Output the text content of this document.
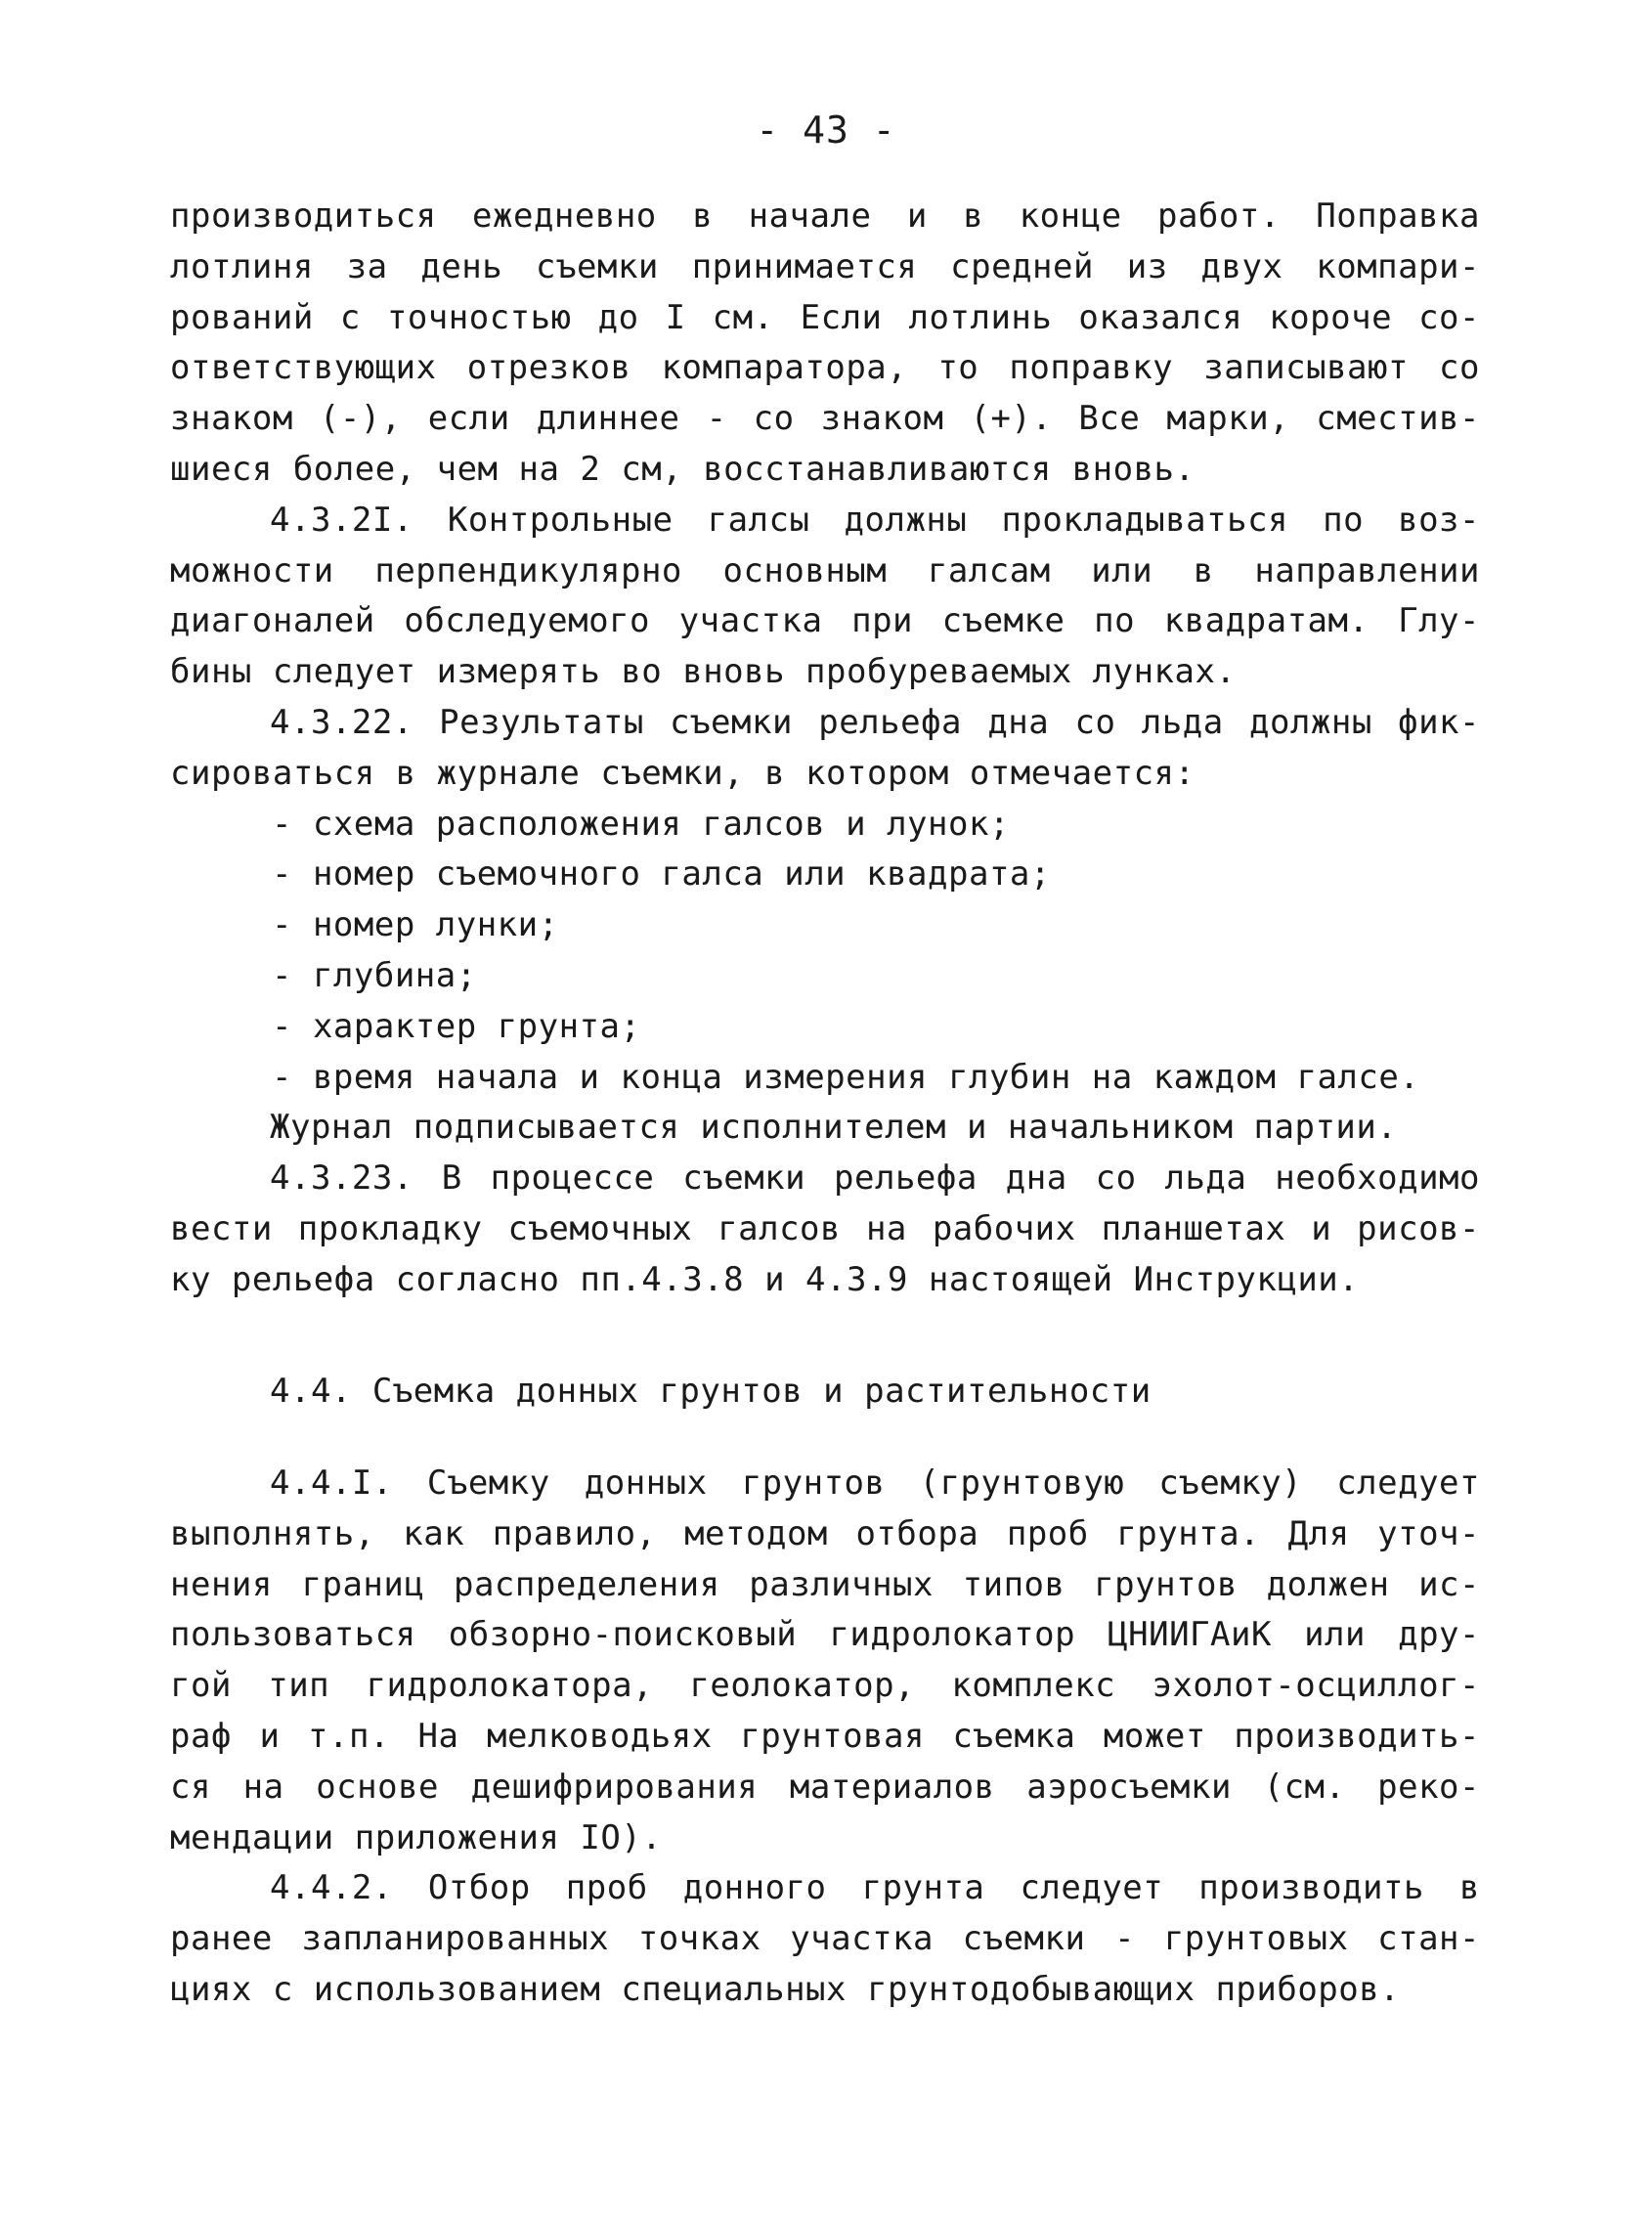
- 43 -
производиться ежедневно в начале и в конце работ. Поправка
лотлиня за день съемки принимается средней из двух компари-
рований с точностью до I см. Если лотлинь оказался короче со-
ответствующих отрезков компаратора, то поправку записывают со
знаком (-), если длиннее - со знаком (+). Все марки, сместив-
шиеся более, чем на 2 см, восстанавливаются вновь.
4.3.2I. Контрольные галсы должны прокладываться по воз-
можности перпендикулярно основным галсам или в направлении
диагоналей обследуемого участка при съемке по квадратам. Глу-
бины следует измерять во вновь пробуреваемых лунках.
4.3.22. Результаты съемки рельефа дна со льда должны фик-
сироваться в журнале съемки, в котором отмечается:
- схема расположения галсов и лунок;
- номер съемочного галса или квадрата;
- номер лунки;
- глубина;
- характер грунта;
- время начала и конца измерения глубин на каждом галсе.
Журнал подписывается исполнителем и начальником партии.
4.3.23. В процессе съемки рельефа дна со льда необходимо
вести прокладку съемочных галсов на рабочих планшетах и рисов-
ку рельефа согласно пп.4.3.8 и 4.3.9 настоящей Инструкции.
4.4. Съемка донных грунтов и растительности
4.4.I. Съемку донных грунтов (грунтовую съемку) следует
выполнять, как правило, методом отбора проб грунта. Для уточ-
нения границ распределения различных типов грунтов должен ис-
пользоваться обзорно-поисковый гидролокатор ЦНИИГАиК или дру-
гой тип гидролокатора, геолокатор, комплекс эхолот-осциллог-
раф и т.п. На мелководьях грунтовая съемка может производить-
ся на основе дешифрирования материалов аэросъемки (см. реко-
мендации приложения IO).
4.4.2. Отбор проб донного грунта следует производить в
ранее запланированных точках участка съемки - грунтовых стан-
циях с использованием специальных грунтодобывающих приборов.
